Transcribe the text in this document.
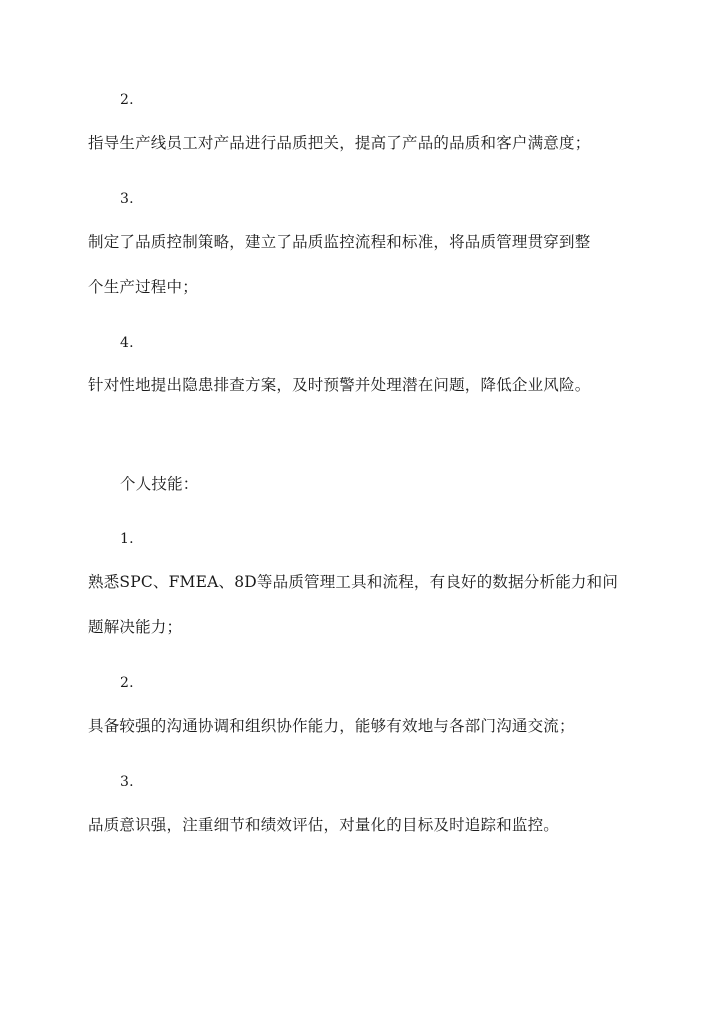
2.
指导生产线员工对产品进行品质把关，提高了产品的品质和客户满意度；
3.
制定了品质控制策略，建立了品质监控流程和标准，将品质管理贯穿到整
个生产过程中；
4.
针对性地提出隐患排查方案，及时预警并处理潜在问题，降低企业风险。
个人技能：
1.
熟悉SPC、FMEA、8D等品质管理工具和流程，有良好的数据分析能力和问
题解决能力；
2.
具备较强的沟通协调和组织协作能力，能够有效地与各部门沟通交流；
3.
品质意识强，注重细节和绩效评估，对量化的目标及时追踪和监控。
